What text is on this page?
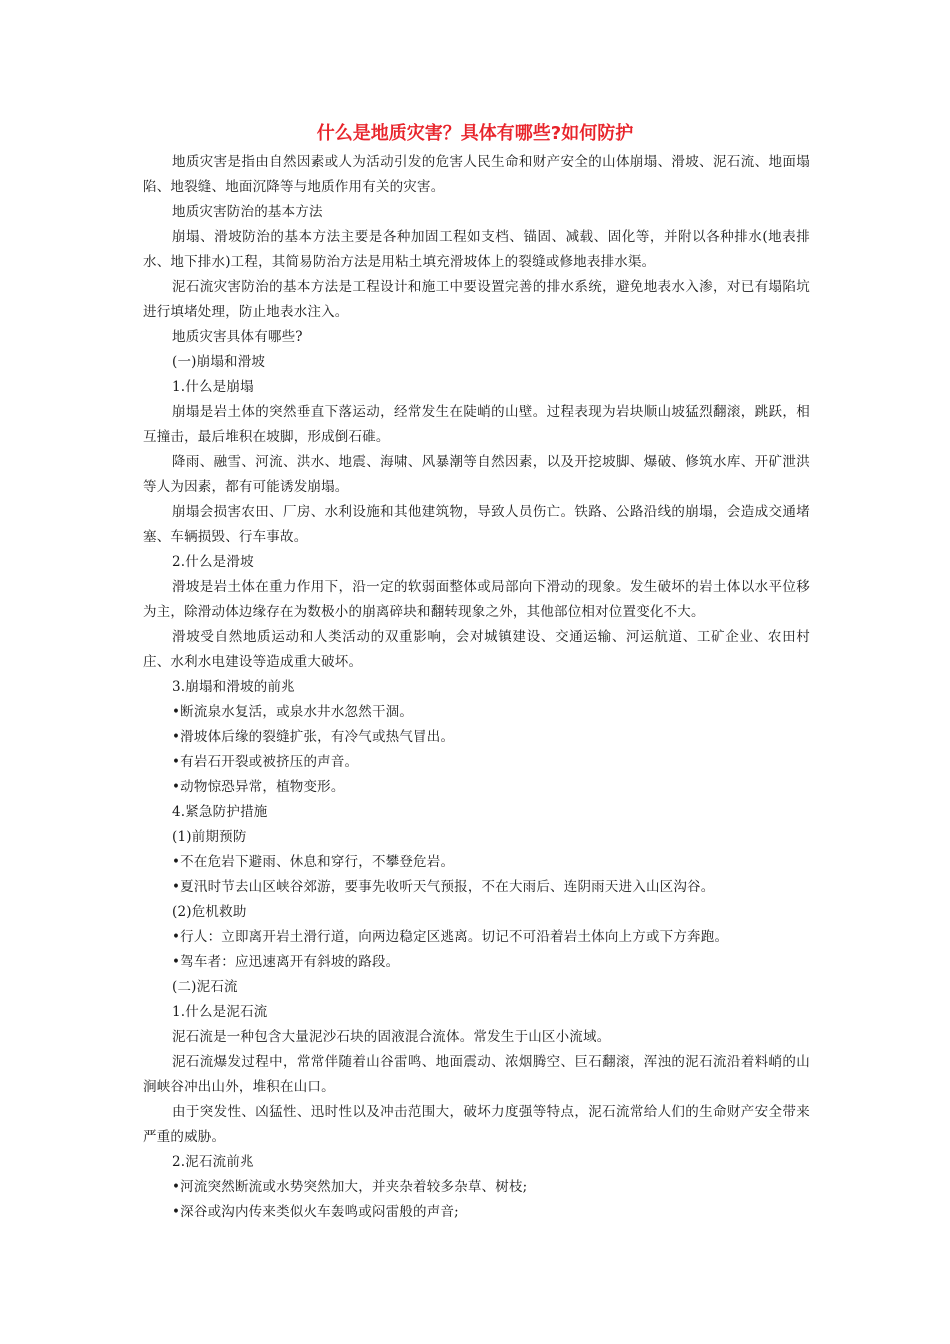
什么是地质灾害？具体有哪些?如何防护

地质灾害是指由自然因素或人为活动引发的危害人民生命和财产安全的山体崩塌、滑坡、泥石流、地面塌陷、地裂缝、地面沉降等与地质作用有关的灾害。

地质灾害防治的基本方法

崩塌、滑坡防治的基本方法主要是各种加固工程如支档、锚固、减载、固化等，并附以各种排水(地表排水、地下排水)工程，其简易防治方法是用粘土填充滑坡体上的裂缝或修地表排水渠。

泥石流灾害防治的基本方法是工程设计和施工中要设置完善的排水系统，避免地表水入渗，对已有塌陷坑进行填堵处理，防止地表水注入。

地质灾害具体有哪些?

(一)崩塌和滑坡

1.什么是崩塌

崩塌是岩土体的突然垂直下落运动，经常发生在陡峭的山壁。过程表现为岩块顺山坡猛烈翻滚，跳跃，相互撞击，最后堆积在坡脚，形成倒石碓。

降雨、融雪、河流、洪水、地震、海啸、风暴潮等自然因素，以及开挖坡脚、爆破、修筑水库、开矿泄洪等人为因素，都有可能诱发崩塌。

崩塌会损害农田、厂房、水利设施和其他建筑物，导致人员伤亡。铁路、公路沿线的崩塌，会造成交通堵塞、车辆损毁、行车事故。

2.什么是滑坡

滑坡是岩土体在重力作用下，沿一定的软弱面整体或局部向下滑动的现象。发生破坏的岩土体以水平位移为主，除滑动体边缘存在为数极小的崩离碎块和翻转现象之外，其他部位相对位置变化不大。

滑坡受自然地质运动和人类活动的双重影响，会对城镇建设、交通运输、河运航道、工矿企业、农田村庄、水利水电建设等造成重大破坏。

3.崩塌和滑坡的前兆

•断流泉水复活，或泉水井水忽然干涸。

•滑坡体后缘的裂缝扩张，有冷气或热气冒出。

•有岩石开裂或被挤压的声音。

•动物惊恐异常，植物变形。

4.紧急防护措施

(1)前期预防

•不在危岩下避雨、休息和穿行，不攀登危岩。

•夏汛时节去山区峡谷郊游，要事先收听天气预报，不在大雨后、连阴雨天进入山区沟谷。

(2)危机救助

•行人：立即离开岩土滑行道，向两边稳定区逃离。切记不可沿着岩土体向上方或下方奔跑。

•驾车者：应迅速离开有斜坡的路段。

(二)泥石流

1.什么是泥石流

泥石流是一种包含大量泥沙石块的固液混合流体。常发生于山区小流域。

泥石流爆发过程中，常常伴随着山谷雷鸣、地面震动、浓烟腾空、巨石翻滚，浑浊的泥石流沿着料峭的山涧峡谷冲出山外，堆积在山口。

由于突发性、凶猛性、迅时性以及冲击范围大，破坏力度强等特点，泥石流常给人们的生命财产安全带来严重的威胁。

2.泥石流前兆

•河流突然断流或水势突然加大，并夹杂着较多杂草、树枝;

•深谷或沟内传来类似火车轰鸣或闷雷般的声音;
